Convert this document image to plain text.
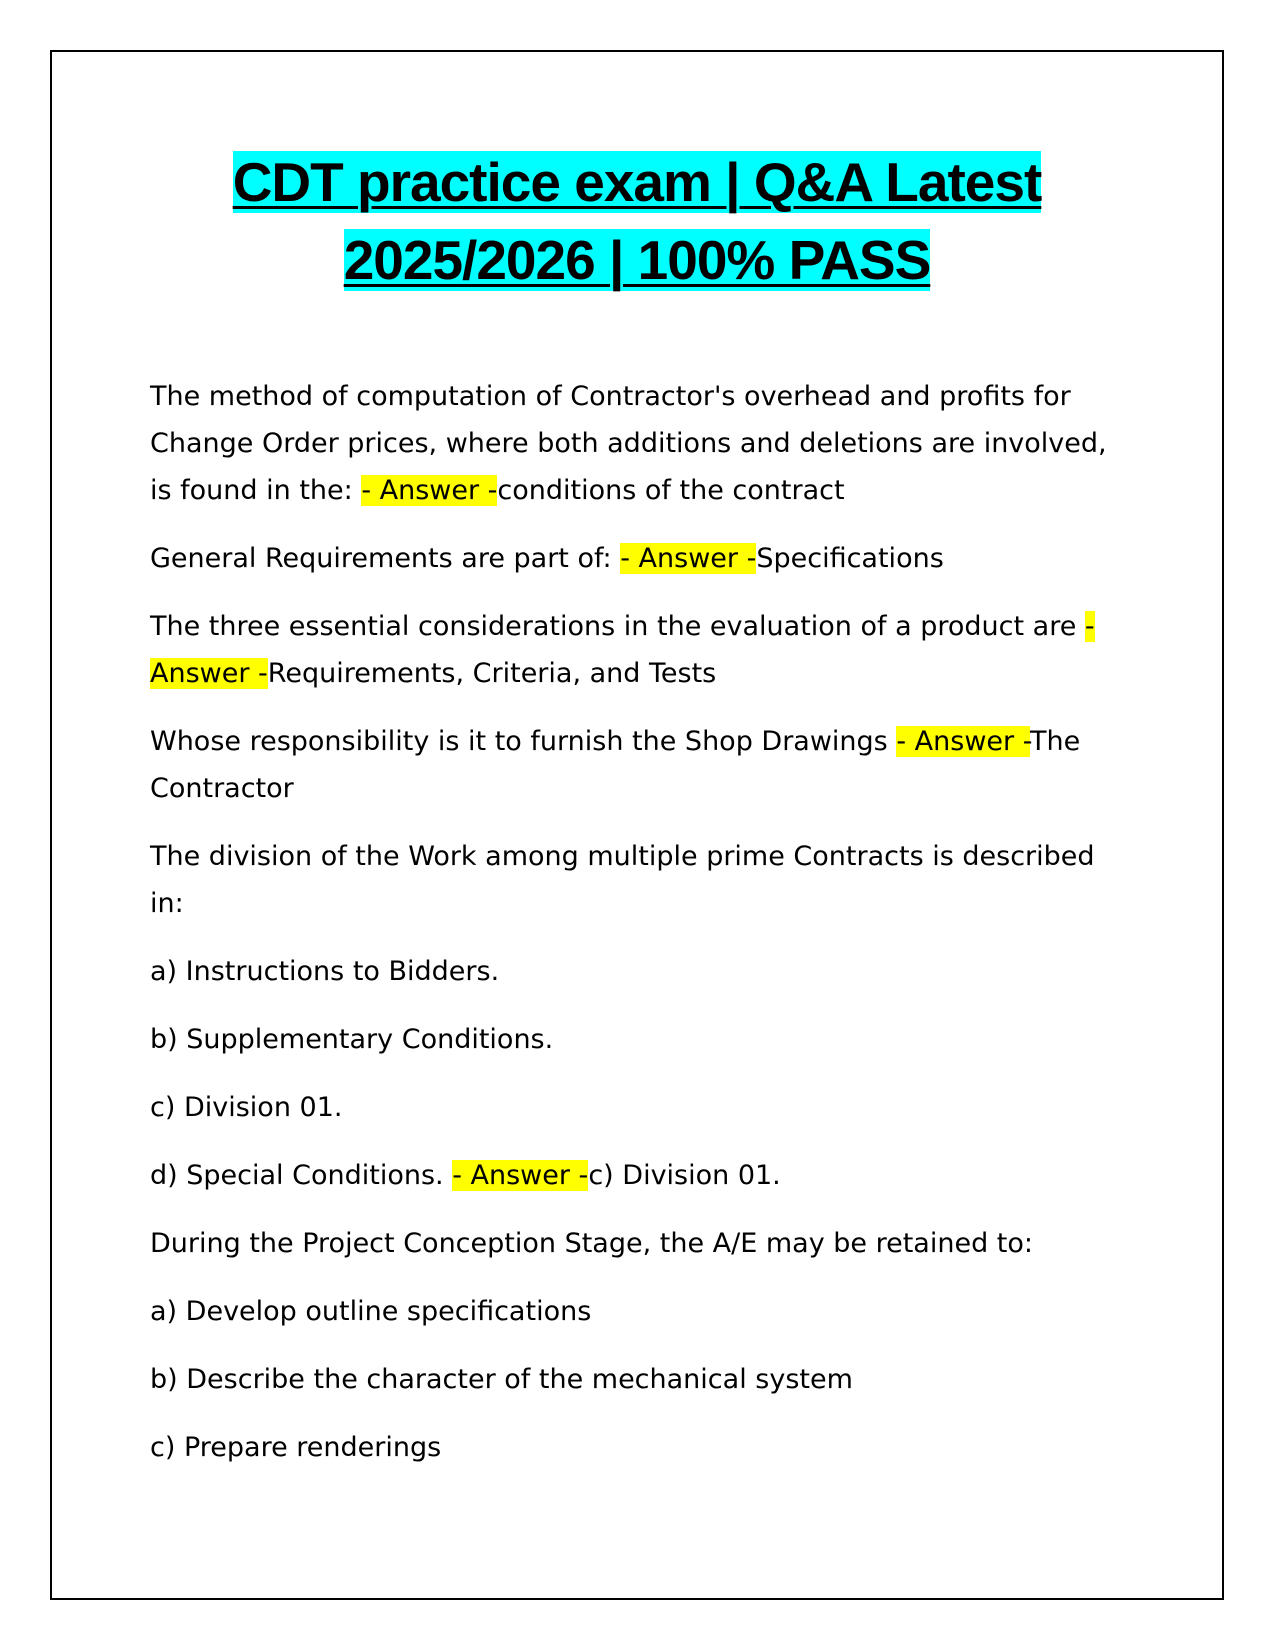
CDT practice exam | Q&A Latest
2025/2026 | 100% PASS

The method of computation of Contractor's overhead and profits for Change Order prices, where both additions and deletions are involved, is found in the: - Answer -conditions of the contract

General Requirements are part of: - Answer -Specifications

The three essential considerations in the evaluation of a product are - Answer -Requirements, Criteria, and Tests

Whose responsibility is it to furnish the Shop Drawings - Answer -The Contractor

The division of the Work among multiple prime Contracts is described in:

a) Instructions to Bidders.

b) Supplementary Conditions.

c) Division 01.

d) Special Conditions. - Answer -c) Division 01.

During the Project Conception Stage, the A/E may be retained to:

a) Develop outline specifications

b) Describe the character of the mechanical system

c) Prepare renderings
